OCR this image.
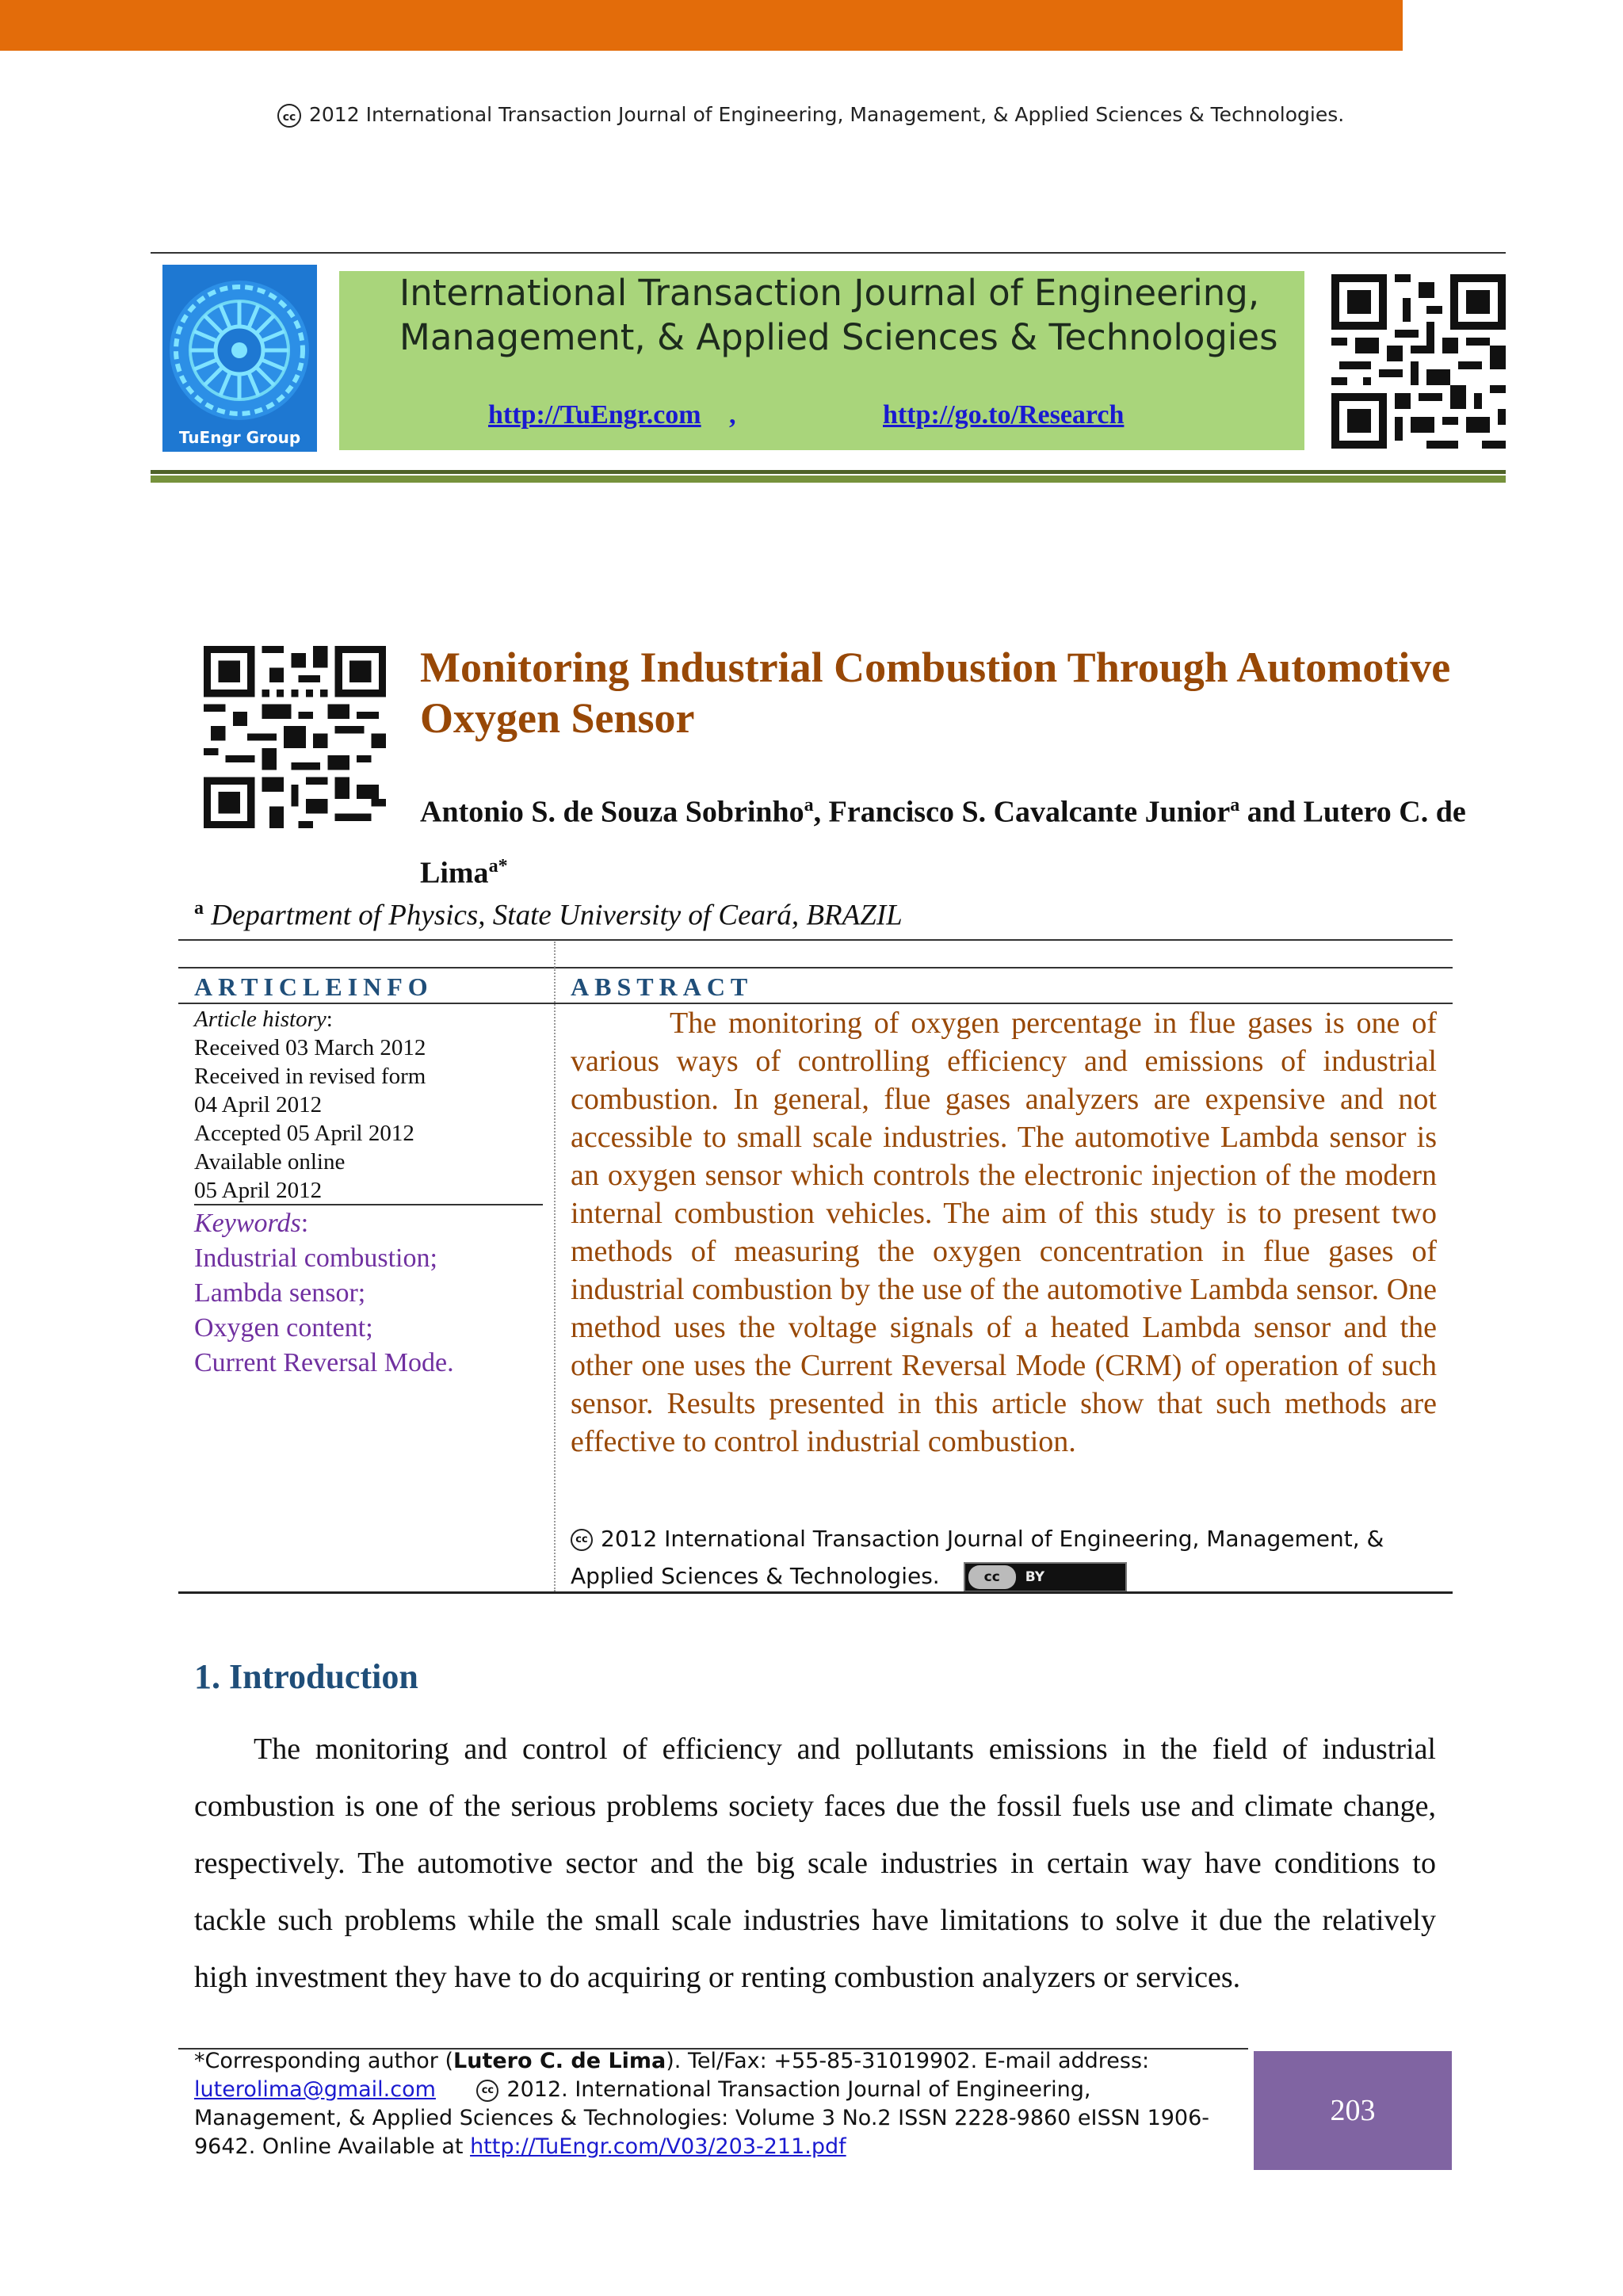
cc 2012 International Transaction Journal of Engineering, Management, & Applied Sciences & Technologies.
TuEngr Group
International Transaction Journal of Engineering, Management, & Applied Sciences & Technologies
http://TuEngr.com ,	http://go.to/Research
Monitoring Industrial Combustion Through Automotive Oxygen Sensor
Antonio S. de Souza Sobrinho$^a$, Francisco S. Cavalcante Junior$^a$ and Lutero C. de Lima$^{a*}$
$^a$ Department of Physics, State University of Ceará, BRAZIL
ARTICLEINFO	ABSTRACT
Article history:
Received 03 March 2012
Received in revised form
04 April 2012
Accepted 05 April 2012
Available online
05 April 2012
Keywords:
Industrial combustion;
Lambda sensor;
Oxygen content;
Current Reversal Mode.
The monitoring of oxygen percentage in flue gases is one of various ways of controlling efficiency and emissions of industrial combustion. In general, flue gases analyzers are expensive and not accessible to small scale industries. The automotive Lambda sensor is an oxygen sensor which controls the electronic injection of the modern internal combustion vehicles. The aim of this study is to present two methods of measuring the oxygen concentration in flue gases of industrial combustion by the use of the automotive Lambda sensor. One method uses the voltage signals of a heated Lambda sensor and the other one uses the Current Reversal Mode (CRM) of operation of such sensor. Results presented in this article show that such methods are effective to control industrial combustion.
cc 2012 International Transaction Journal of Engineering, Management, & Applied Sciences & Technologies.	cc	BY
1. Introduction
The monitoring and control of efficiency and pollutants emissions in the field of industrial combustion is one of the serious problems society faces due the fossil fuels use and climate change, respectively. The automotive sector and the big scale industries in certain way have conditions to tackle such problems while the small scale industries have limitations to solve it due the relatively high investment they have to do acquiring or renting combustion analyzers or services.
*Corresponding author (Lutero C. de Lima). Tel/Fax: +55-85-31019902. E-mail address:
luterolima@gmail.com	cc 2012. International Transaction Journal of Engineering, Management, & Applied Sciences & Technologies: Volume 3 No.2 ISSN 2228-9860 eISSN 1906-9642. Online Available at http://TuEngr.com/V03/203-211.pdf
203
